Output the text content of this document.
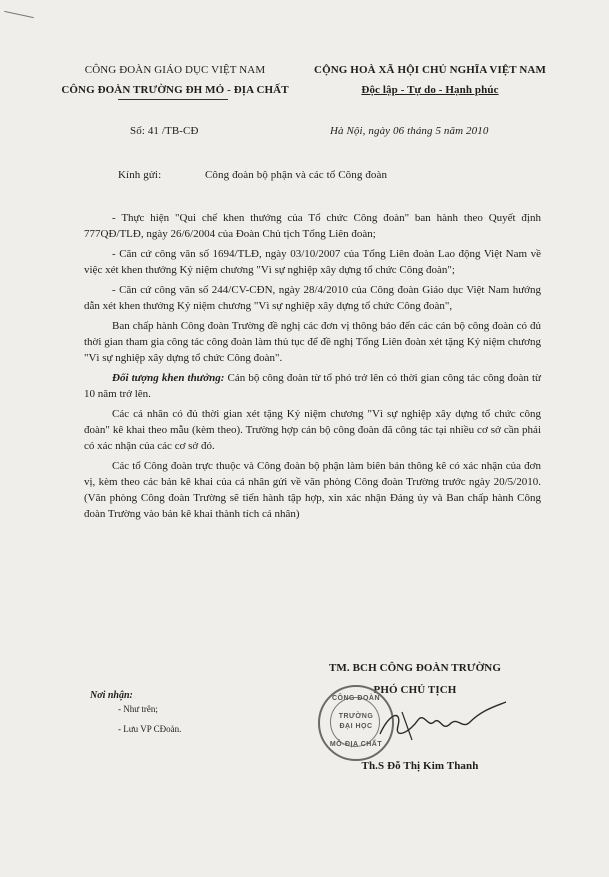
CÔNG ĐOÀN GIÁO DỤC VIỆT NAM
CÔNG ĐOÀN TRƯỜNG ĐH MỎ - ĐỊA CHẤT
CỘNG HOÀ XÃ HỘI CHỦ NGHĨA VIỆT NAM
Độc lập - Tự do - Hạnh phúc
Số: 41 /TB-CĐ	Hà Nội, ngày 06 tháng 5 năm 2010
Kính gửi:	Công đoàn bộ phận và các tổ Công đoàn

- Thực hiện "Qui chế khen thưởng của Tổ chức Công đoàn" ban hành theo Quyết định 777QĐ/TLĐ, ngày 26/6/2004 của Đoàn Chủ tịch Tổng Liên đoàn;

- Căn cứ công văn số 1694/TLĐ, ngày 03/10/2007 của Tổng Liên đoàn Lao động Việt Nam về việc xét khen thưởng Kỷ niệm chương "Vì sự nghiệp xây dựng tổ chức Công đoàn";

- Căn cứ công văn số 244/CV-CĐN, ngày 28/4/2010 của Công đoàn Giáo dục Việt Nam hướng dẫn xét khen thưởng Kỷ niệm chương "Vì sự nghiệp xây dựng tổ chức Công đoàn",

Ban chấp hành Công đoàn Trường đề nghị các đơn vị thông báo đến các cán bộ công đoàn có đủ thời gian tham gia công tác công đoàn làm thủ tục để đề nghị Tổng Liên đoàn xét tặng Kỷ niệm chương "Vì sự nghiệp xây dựng tổ chức Công đoàn".

Đối tượng khen thưởng: Cán bộ công đoàn từ tổ phó trở lên có thời gian công tác công đoàn từ 10 năm trở lên.

Các cá nhân có đủ thời gian xét tặng Kỷ niệm chương "Vì sự nghiệp xây dựng tổ chức công đoàn" kê khai theo mẫu (kèm theo). Trường hợp cán bộ công đoàn đã công tác tại nhiều cơ sở cần phải có xác nhận của các cơ sở đó.

Các tổ Công đoàn trực thuộc và Công đoàn bộ phận làm biên bản thông kê có xác nhận của đơn vị, kèm theo các bản kê khai của cá nhân gửi về văn phòng Công đoàn Trường trước ngày 20/5/2010. (Văn phòng Công đoàn Trường sẽ tiến hành tập hợp, xin xác nhận Đảng ủy và Ban chấp hành Công đoàn Trường vào bản kê khai thành tích cá nhân)

TM. BCH CÔNG ĐOÀN TRƯỜNG
PHÓ CHỦ TỊCH
CÔNG ĐOÀN
TRƯỜNG
ĐẠI HỌC
MỎ-ĐỊA CHẤT
Th.S Đỗ Thị Kim Thanh
Nơi nhận:
- Như trên;
- Lưu VP CĐoàn.
